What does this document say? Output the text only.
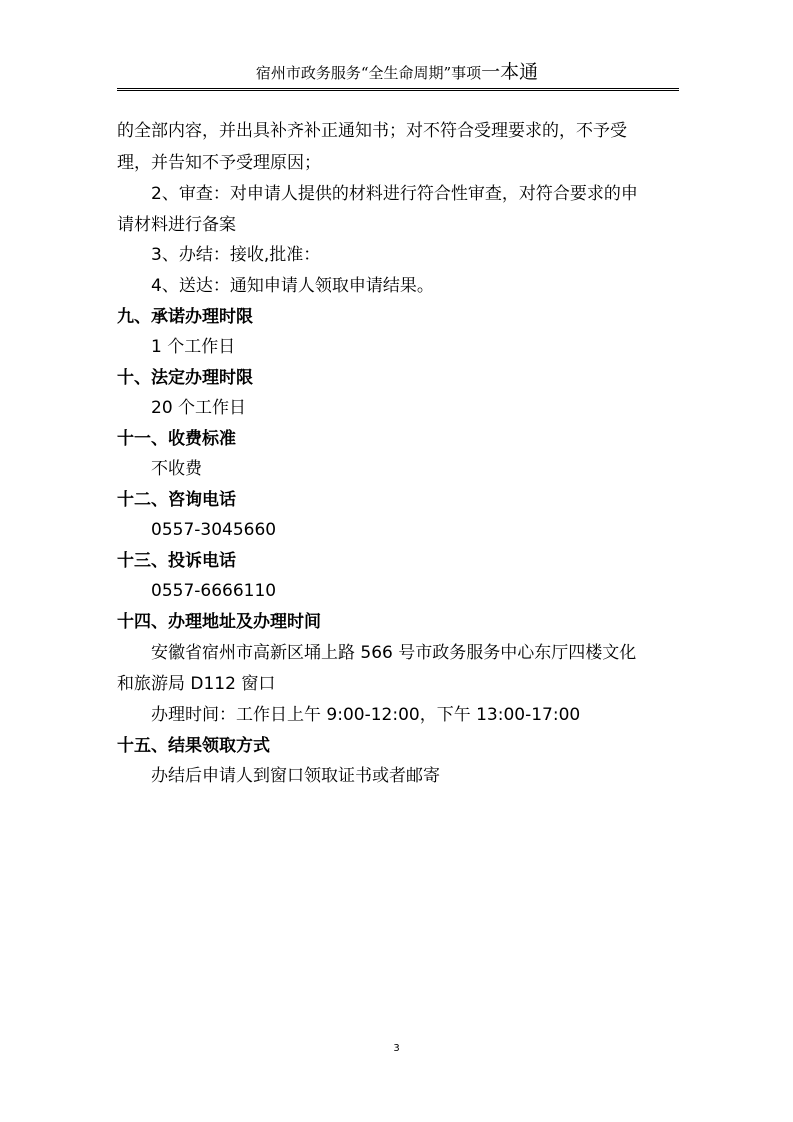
宿州市政务服务“全生命周期”事项一本通
的全部内容，并出具补齐补正通知书；对不符合受理要求的，不予受
理，并告知不予受理原因；
2、审查：对申请人提供的材料进行符合性审查，对符合要求的申
请材料进行备案
3、办结：接收,批准：
4、送达：通知申请人领取申请结果。
九、承诺办理时限
1 个工作日
十、法定办理时限
20 个工作日
十一、收费标准
不收费
十二、咨询电话
0557-3045660
十三、投诉电话
0557-6666110
十四、办理地址及办理时间
安徽省宿州市高新区埇上路 566 号市政务服务中心东厅四楼文化
和旅游局 D112 窗口
办理时间：工作日上午 9:00-12:00，下午 13:00-17:00
十五、结果领取方式
办结后申请人到窗口领取证书或者邮寄
3
